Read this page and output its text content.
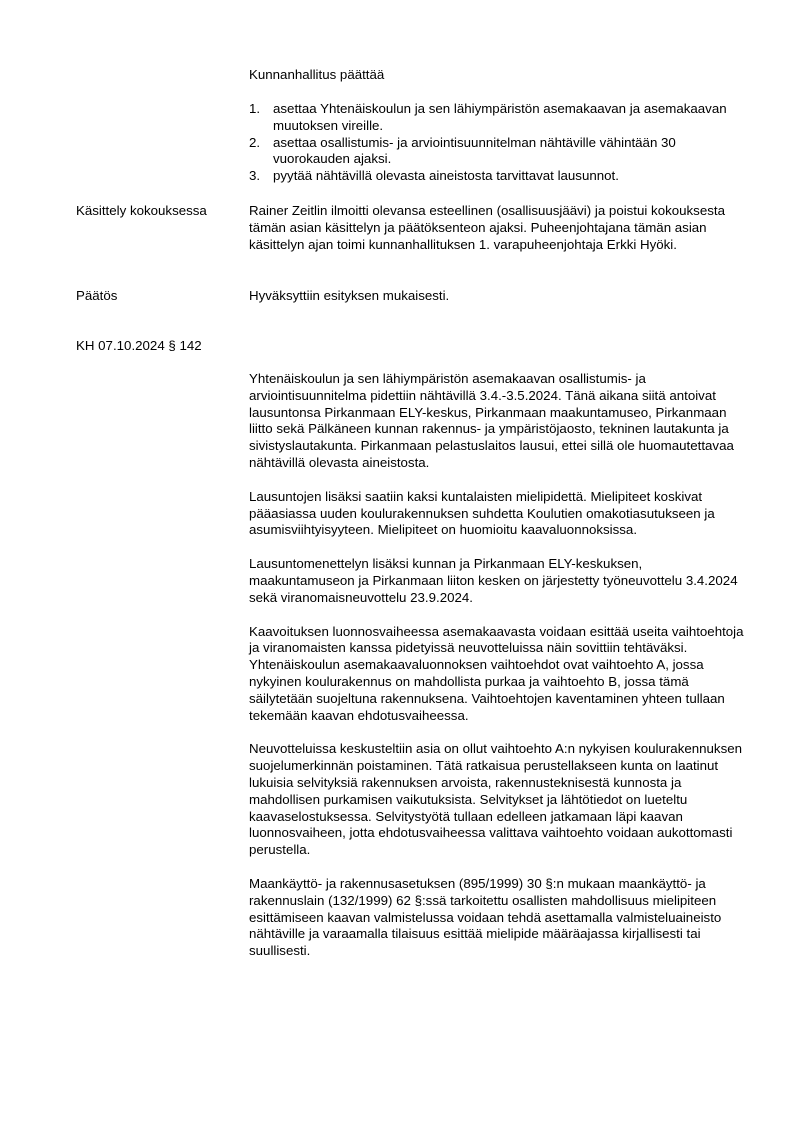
Kunnanhallitus päättää

1. asettaa Yhtenäiskoulun ja sen lähiympäristön asemakaavan ja asemakaavan muutoksen vireille.
2. asettaa osallistumis- ja arviointisuunnitelman nähtäville vähintään 30 vuorokauden ajaksi.
3. pyytää nähtävillä olevasta aineistosta tarvittavat lausunnot.

Käsittely kokouksessa	Rainer Zeitlin ilmoitti olevansa esteellinen (osallisuusjäävi) ja poistui kokouksesta tämän asian käsittelyn ja päätöksenteon ajaksi. Puheenjohtajana tämän asian käsittelyn ajan toimi kunnanhallituksen 1. varapuheenjohtaja Erkki Hyöki.

Päätös	Hyväksyttiin esityksen mukaisesti.

KH 07.10.2024 § 142

Yhtenäiskoulun ja sen lähiympäristön asemakaavan osallistumis- ja arviointisuunnitelma pidettiin nähtävillä 3.4.-3.5.2024. Tänä aikana siitä antoivat lausuntonsa Pirkanmaan ELY-keskus, Pirkanmaan maakuntamuseo, Pirkanmaan liitto sekä Pälkäneen kunnan rakennus- ja ympäristöjaosto, tekninen lautakunta ja sivistyslautakunta. Pirkanmaan pelastuslaitos lausui, ettei sillä ole huomautettavaa nähtävillä olevasta aineistosta.

Lausuntojen lisäksi saatiin kaksi kuntalaisten mielipidettä. Mielipiteet koskivat pääasiassa uuden koulurakennuksen suhdetta Koulutien omakotiasutukseen ja asumisviihtyisyyteen. Mielipiteet on huomioitu kaavaluonnoksissa.

Lausuntomenettelyn lisäksi kunnan ja Pirkanmaan ELY-keskuksen, maakuntamuseon ja Pirkanmaan liiton kesken on järjestetty työneuvottelu 3.4.2024 sekä viranomaisneuvottelu 23.9.2024.

Kaavoituksen luonnosvaiheessa asemakaavasta voidaan esittää useita vaihtoehtoja ja viranomaisten kanssa pidetyissä neuvotteluissa näin sovittiin tehtäväksi. Yhtenäiskoulun asemakaavaluonnoksen vaihtoehdot ovat vaihtoehto A, jossa nykyinen koulurakennus on mahdollista purkaa ja vaihtoehto B, jossa tämä säilytetään suojeltuna rakennuksena. Vaihtoehtojen kaventaminen yhteen tullaan tekemään kaavan ehdotusvaiheessa.

Neuvotteluissa keskusteltiin asia on ollut vaihtoehto A:n nykyisen koulurakennuksen suojelumerkinnän poistaminen. Tätä ratkaisua perustellakseen kunta on laatinut lukuisia selvityksiä rakennuksen arvoista, rakennusteknisestä kunnosta ja mahdollisen purkamisen vaikutuksista. Selvitykset ja lähtötiedot on lueteltu kaavaselostuksessa. Selvitystyötä tullaan edelleen jatkamaan läpi kaavan luonnosvaiheen, jotta ehdotusvaiheessa valittava vaihtoehto voidaan aukottomasti perustella.

Maankäyttö- ja rakennusasetuksen (895/1999) 30 §:n mukaan maankäyttö- ja rakennuslain (132/1999) 62 §:ssä tarkoitettu osallisten mahdollisuus mielipiteen esittämiseen kaavan valmistelussa voidaan tehdä asettamalla valmisteluaineisto nähtäville ja varaamalla tilaisuus esittää mielipide määräajassa kirjallisesti tai suullisesti.
